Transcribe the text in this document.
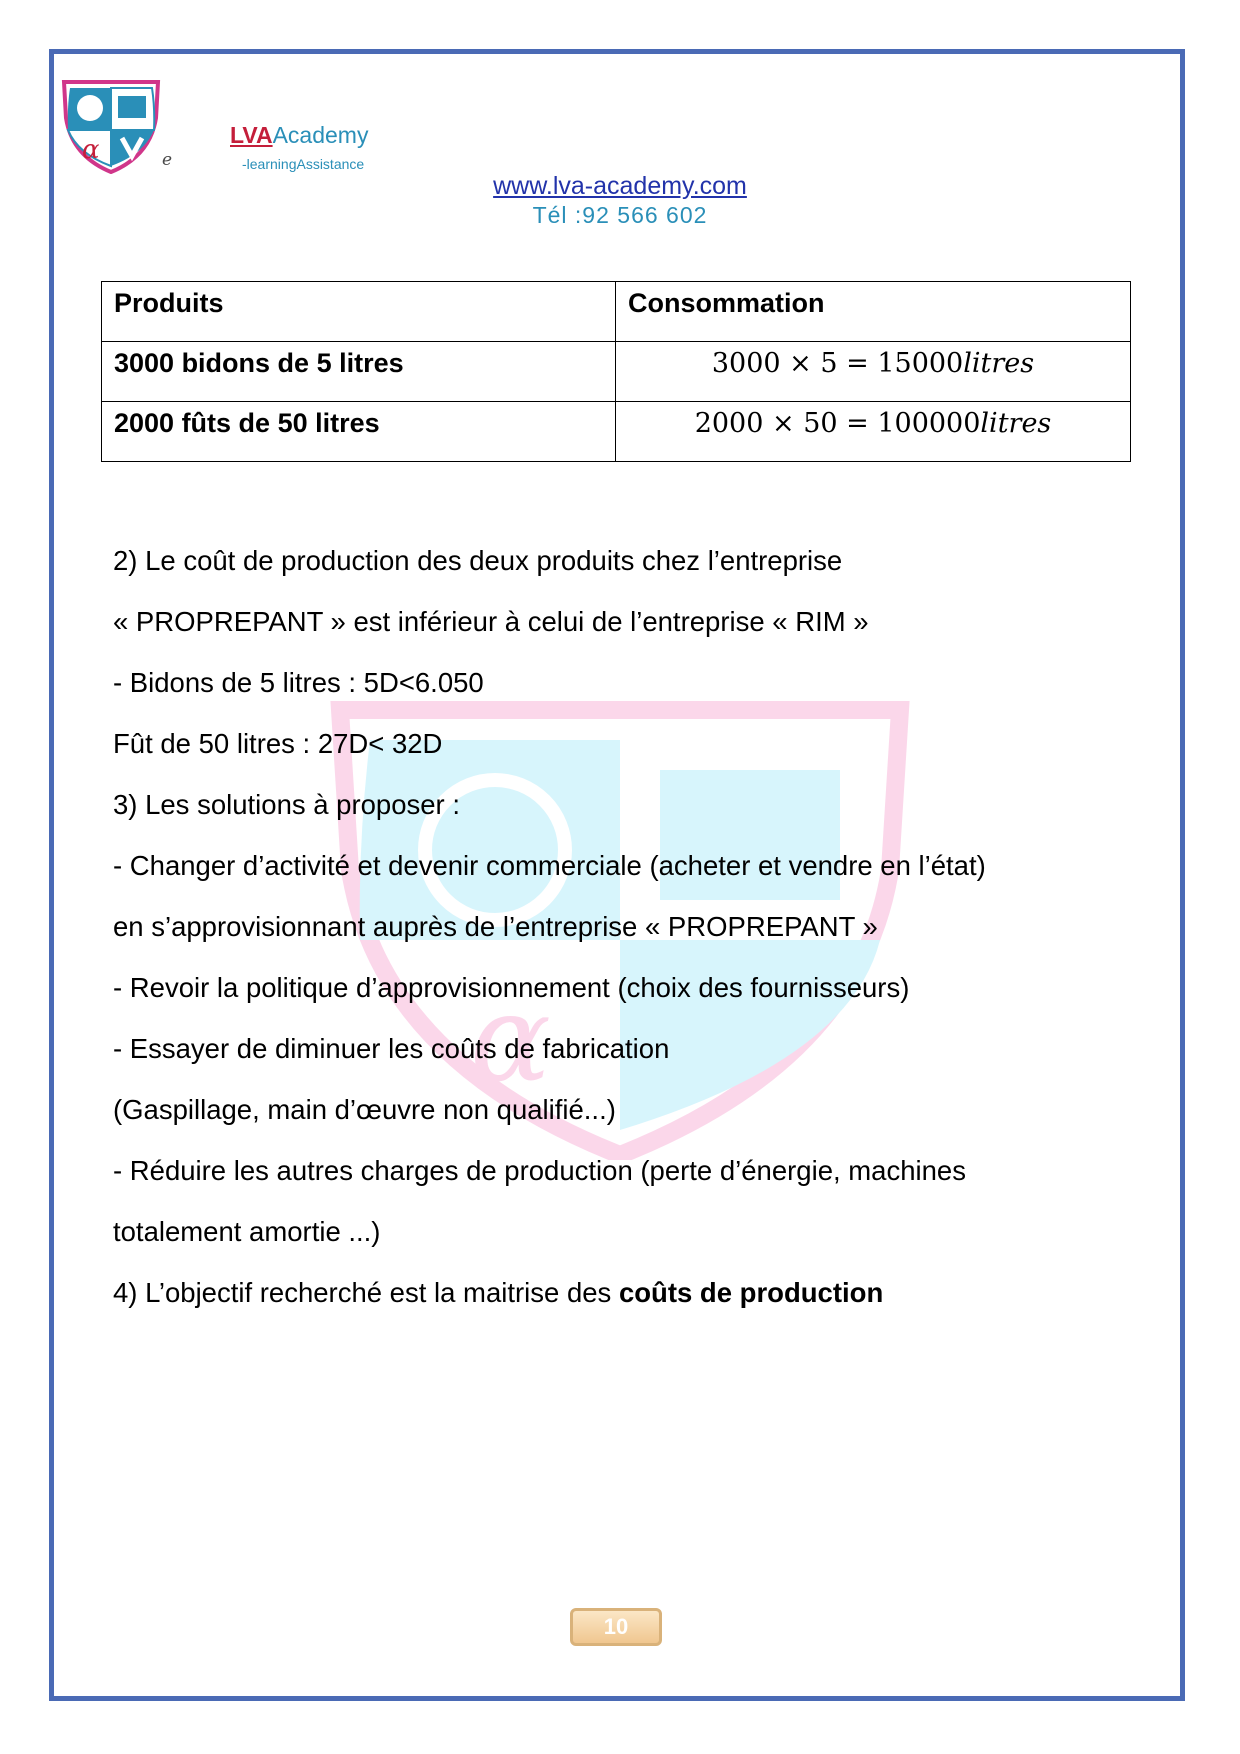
α	e
LVAAcademy
-learningAssistance
www.lva-academy.com
Tél :92 566 602
Produits	Consommation
3000 bidons de 5 litres	3000 × 5 = 15000litres
2000 fûts de 50 litres	2000 × 50 = 100000litres
α

2) Le coût de production des deux produits chez l’entreprise

« PROPREPANT » est inférieur à celui de l’entreprise « RIM »

- Bidons de 5 litres : 5D<6.050

Fût de 50 litres : 27D< 32D

3) Les solutions à proposer :

- Changer d’activité et devenir commerciale (acheter et vendre en l’état)

en s’approvisionnant auprès de l’entreprise « PROPREPANT »

- Revoir la politique d’approvisionnement (choix des fournisseurs)

- Essayer de diminuer les coûts de fabrication

(Gaspillage, main d’œuvre non qualifié...)

- Réduire les autres charges de production (perte d’énergie, machines

totalement amortie ...)

4) L’objectif recherché est la maitrise des coûts de production

10
